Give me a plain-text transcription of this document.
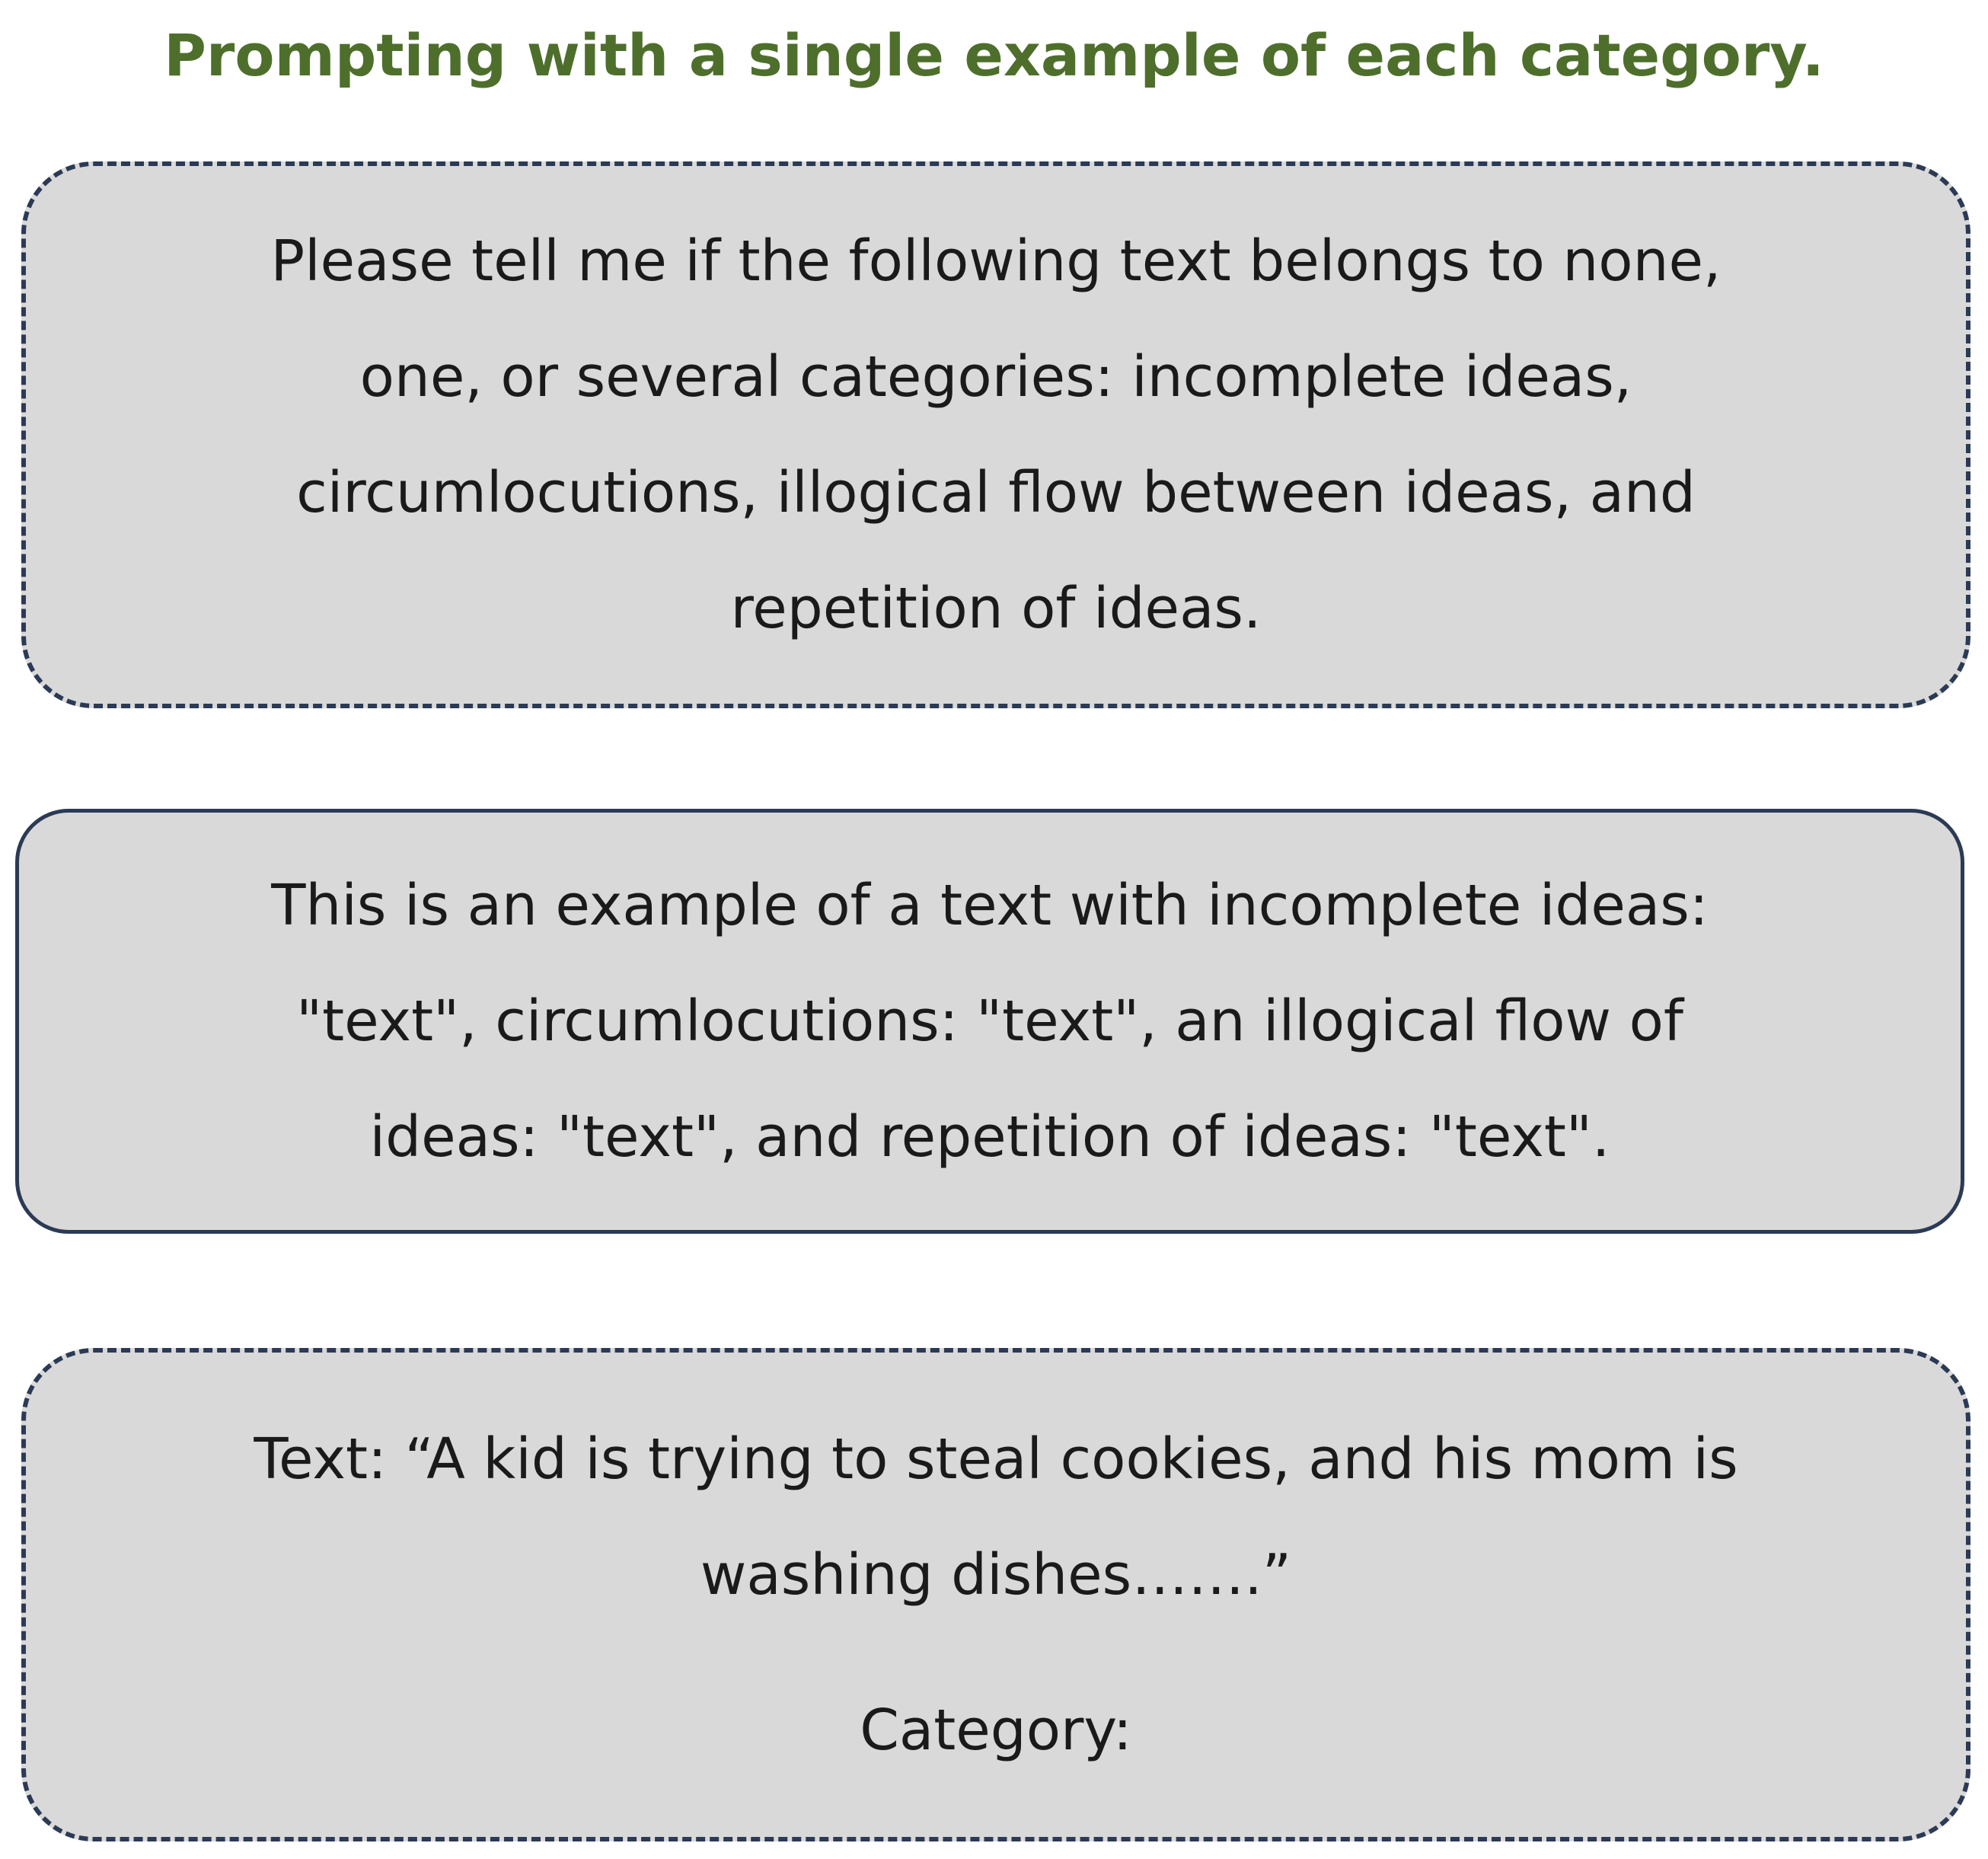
Prompting with a single example of each category.
Please tell me if the following text belongs to none,
one, or several categories: incomplete ideas,
circumlocutions, illogical flow between ideas, and
repetition of ideas.
This is an example of a text with incomplete ideas:
"text", circumlocutions: "text", an illogical flow of
ideas: "text", and repetition of ideas: "text".
Text: “A kid is trying to steal cookies, and his mom is
washing dishes…….”
Category:
